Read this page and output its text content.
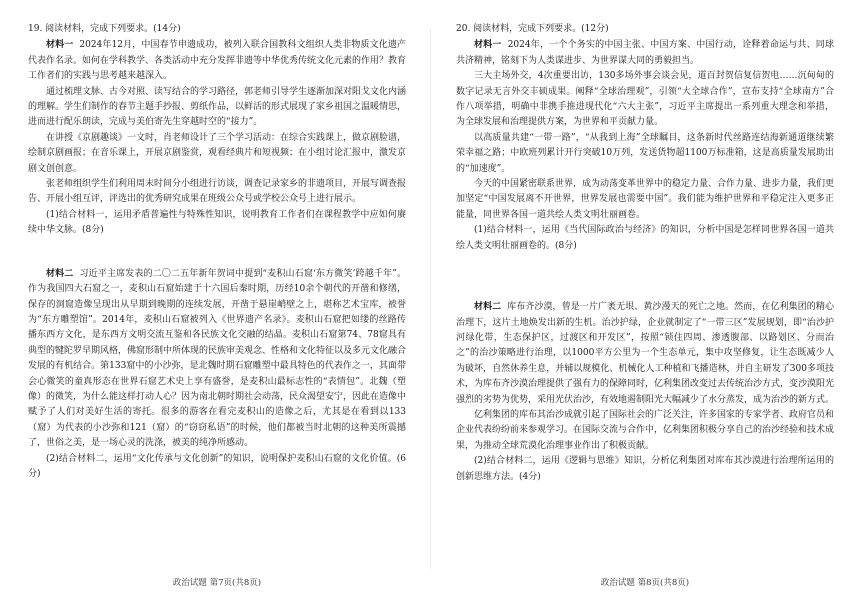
19. 阅读材料，完成下列要求。(14分)

材料一 2024年12月，中国春节申遗成功，被列入联合国教科文组织人类非物质文化遗产代表作名录。如何在学科教学、各类活动中充分发挥非遗等中华优秀传统文化元素的作用？教育工作者们的实践与思考越来越深入。

通过梳理文脉、古今对照、读写结合的学习路径，郭老师引导学生逐渐加深对阳戈文化内涵的理解。学生们制作的春节主题手抄报、剪纸作品，以鲜活的形式展现了家乡祖国之温暖情思，进而进行配乐朗读，完成与美伯寄先生穿越时空的“接力”。

在讲授《京剧趣谈》一文时，肖老师设计了三个学习活动：在综合实践课上，做京剧脸谱，绘制京剧画报；在音乐课上，开展京剧鉴赏，观看经典片和短视频；在小组讨论汇报中，激发京剧文创创意。

张老师组织学生们利用周末时间分小组进行访谈，调查记录家乡的非遗项目，开展写调查报告、开展小组互评，评选出的优秀研究成果在班级公众号或学校公众号上进行展示。

(1)结合材料一，运用矛盾普遍性与特殊性知识，说明教育工作者们在课程教学中应如何赓续中华文脉。(8分)

材料二 习近平主席发表的二〇二五年新年贺词中提到“麦积山石窟‘东方微笑’跨越千年”。作为我国四大石窟之一，麦积山石窟始建于十六国后秦时期，历经10余个朝代的开凿和修缮，保存的洞窟造像呈现出从早期到晚期的连续发展，开凿于悬崖峭壁之上，堪称艺术宝库，被誉为“东方雕塑馆”。2014年，麦积山石窟被列入《世界遗产名录》。麦积山石窟把如缕的丝路传播东西方文化，是东西方文明交流互鉴和各民族文化交融的结晶。麦积山石窟第74、78窟具有典型的犍陀罗早期风格，佛窟形制中所体现的民族审美观念、性格和文化特征以及多元文化融合发展的有机结合。第133窟中的小沙弥，是北魏时期石窟雕塑中最具特色的代表作之一，其面带会心微笑的童真形态在世界石窟艺术史上享有盛誉，是麦积山最标志性的“表情包”。北魏（塑像）的微笑，为什么能这样打动人心？因为南北朝时期社会动荡，民众渴望安宁，因此在造像中赋予了人们对美好生活的寄托。很多的游客在看完麦积山的造像之后，尤其是在看到以133（窟）为代表的小沙弥和121（窟）的“窃窃私语”的时候，他们都被当时北朝的这种美所震撼了，世俗之美，是一场心灵的洗涤，被美的纯净所感动。

(2)结合材料二，运用“文化传承与文化创新”的知识，说明保护麦积山石窟的文化价值。(6分)

20. 阅读材料，完成下列要求。(12分)

材料一 2024年，一个个务实的中国主张、中国方案、中国行动，诠释着命运与共、同球共济精神，铭刻下为人类谋进步、为世界谋大同的勇毅担当。

三大主场外交，4次重要出访，130多场外事会谈会见，道百封贺信复信贺电……沉甸甸的数字记录无言外交丰硕成果。阐释“全球治理观”，引领“大全球合作”，宣布支持“全球南方”合作八项举措，明确中非携手推进现代化“六大主张”，习近平主席提出一系列重大理念和举措，为全球发展和治理提供方案，为世界和平贡献力量。

以高质量共建“一带一路”，“从我到上海”全球瞩目，这条新时代丝路连结海新通道继续繁荣幸福之路；中欧班列累计开行突破10万列，发送货物超1100万标准箱，这是高质量发展助出的“加速度”。

今天的中国紧密联系世界，成为动荡变革世界中的稳定力量、合作力量、进步力量，我们更加坚定“中国发展离不开世界，世界发展也需要中国”。我们能为维护世界和平稳定注入更多正能量，同世界各国一道共绘人类文明壮丽画卷。

(1)结合材料一，运用《当代国际政治与经济》的知识，分析中国是怎样同世界各国一道共绘人类文明壮丽画卷的。(8分)

材料二 库布齐沙漠，曾是一片广袤无垠、黄沙漫天的死亡之地。然而，在亿利集团的精心治理下，这片土地焕发出新的生机。治沙护绿，企业就制定了“一带三区”发展规划，即“治沙护河绿化带，生态保护区，过渡区和开发区”，按照“锁住四周、渗透腹部、以路划区、分而治之”的治沙策略进行治理，以1000平方公里为一个生态单元，集中攻坚修复，让生态既减少人为破坏，自然休养生息，并辅以规模化、机械化人工种植和飞播造林，并自主研发了300多项技术，为库布齐沙漠治理提供了强有力的保障同时，亿利集团改变过去传统治沙方式，变沙漠阳光强烈的劣势为优势，采用光伏治沙，有效地遏制阳光大幅减少了水分蒸发，成为治沙的新方式。

亿利集团的库布其治沙成就引起了国际社会的广泛关注，许多国家的专家学者、政府官员和企业代表纷纷前来参观学习。在国际交流与合作中，亿利集团积极分享自己的治沙经验和技术成果，为推动全球荒漠化治理事业作出了积极贡献。

(2)结合材料二，运用《逻辑与思维》知识，分析亿利集团对库布其沙漠进行治理所运用的创新思维方法。(4分)

政治试题 第7页(共8页)	政治试题 第8页(共8页)
